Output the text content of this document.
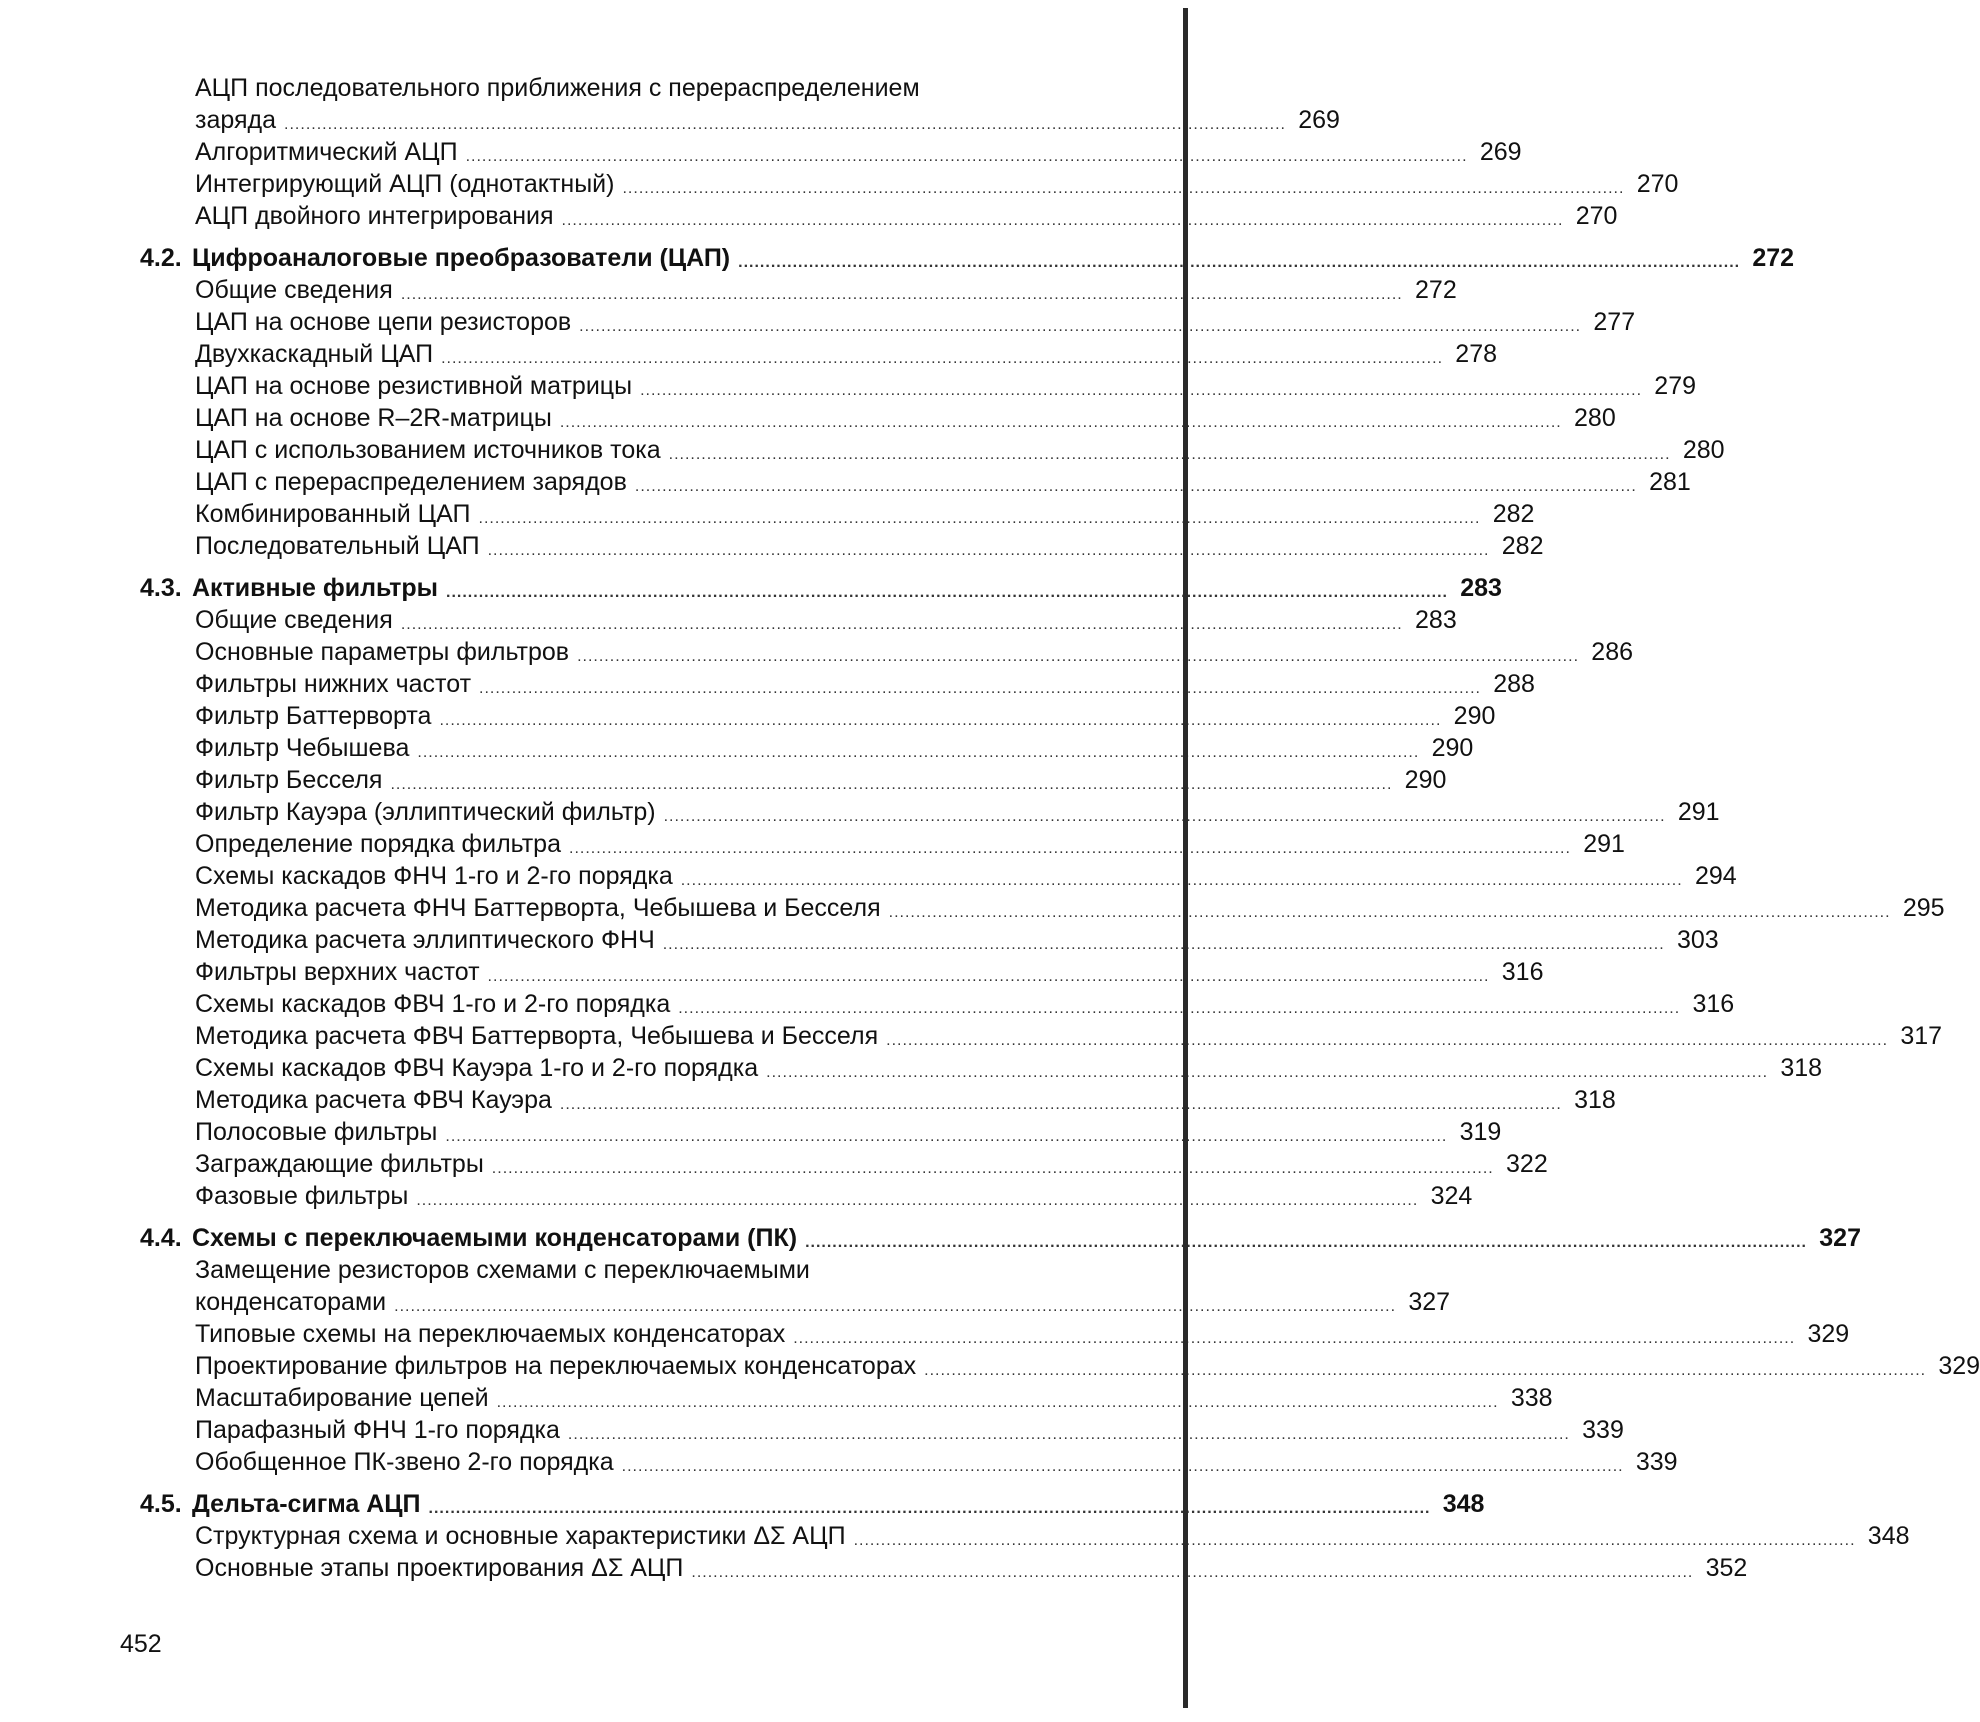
АЦП последовательного приближения с перераспределением
заряда .....	269
Алгоритмический АЦП .....	269
Интегрирующий АЦП (однотактный) .....	270
АЦП двойного интегрирования .....	270
4.2. Цифроаналоговые преобразователи (ЦАП) .....	272
Общие сведения .....	272
ЦАП на основе цепи резисторов .....	277
Двухкаскадный ЦАП .....	278
ЦАП на основе резистивной матрицы .....	279
ЦАП на основе R–2R-матрицы .....	280
ЦАП с использованием источников тока .....	280
ЦАП с перераспределением зарядов .....	281
Комбинированный ЦАП .....	282
Последовательный ЦАП .....	282
4.3. Активные фильтры .....	283
Общие сведения .....	283
Основные параметры фильтров .....	286
Фильтры нижних частот .....	288
Фильтр Баттерворта .....	290
Фильтр Чебышева .....	290
Фильтр Бесселя .....	290
Фильтр Кауэра (эллиптический фильтр) .....	291
Определение порядка фильтра .....	291
Схемы каскадов ФНЧ 1-го и 2-го порядка .....	294
Методика расчета ФНЧ Баттерворта, Чебышева и Бесселя .....	295
Методика расчета эллиптического ФНЧ .....	303
Фильтры верхних частот .....	316
Схемы каскадов ФВЧ 1-го и 2-го порядка .....	316
Методика расчета ФВЧ Баттерворта, Чебышева и Бесселя .....	317
Схемы каскадов ФВЧ Кауэра 1-го и 2-го порядка .....	318
Методика расчета ФВЧ Кауэра .....	318
Полосовые фильтры .....	319
Заграждающие фильтры .....	322
Фазовые фильтры .....	324
4.4. Схемы с переключаемыми конденсаторами (ПК) .....	327
Замещение резисторов схемами с переключаемыми
конденсаторами .....	327
Типовые схемы на переключаемых конденсаторах .....	329
Проектирование фильтров на переключаемых конденсаторах .....	329
Масштабирование цепей .....	338
Парафазный ФНЧ 1-го порядка .....	339
Обобщенное ПК-звено 2-го порядка .....	339
4.5. Дельта-сигма АЦП .....	348
Структурная схема и основные характеристики ΔΣ АЦП .....	348
Основные этапы проектирования ΔΣ АЦП .....	352
452
